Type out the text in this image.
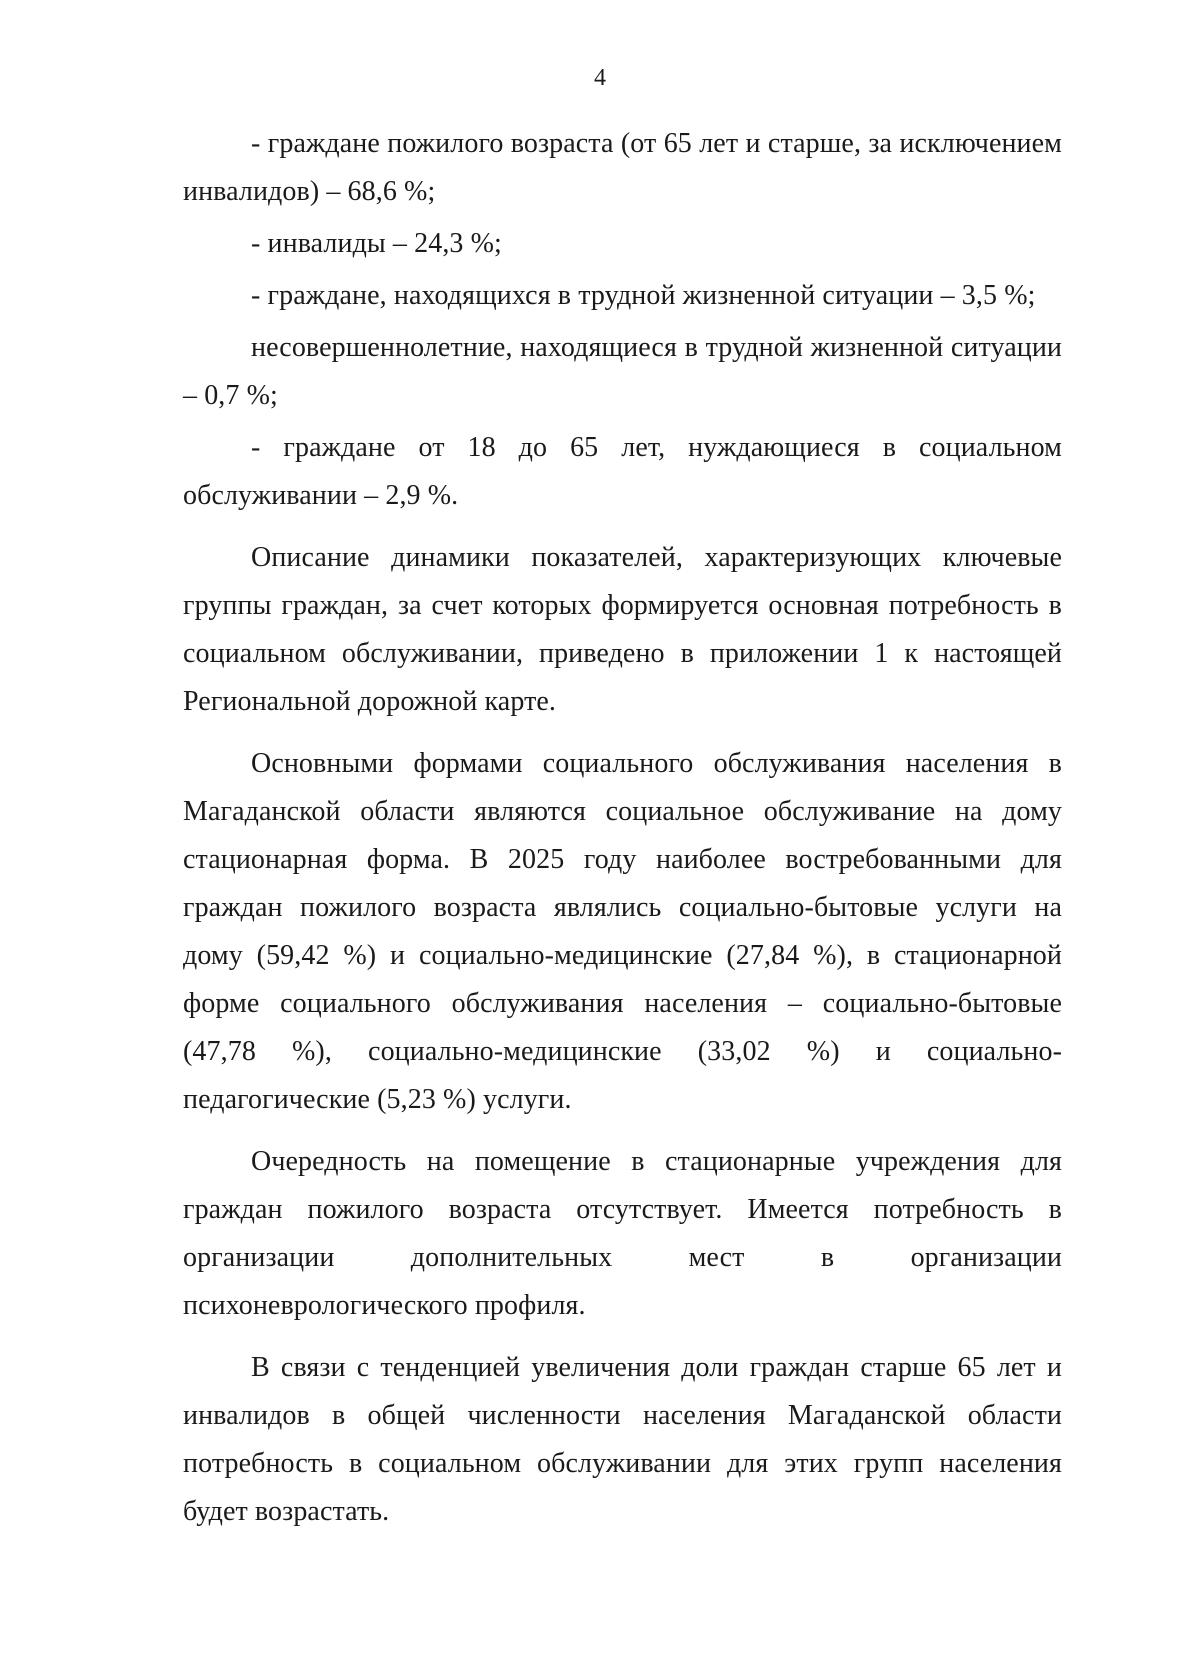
4

- граждане пожилого возраста (от 65 лет и старше, за исключением инвалидов) – 68,6 %;

- инвалиды – 24,3 %;

- граждане, находящихся в трудной жизненной ситуации – 3,5 %;

несовершеннолетние, находящиеся в трудной жизненной ситуации – 0,7 %;

- граждане от 18 до 65 лет, нуждающиеся в социальном обслуживании – 2,9 %.

Описание динамики показателей, характеризующих ключевые группы граждан, за счет которых формируется основная потребность в социальном обслуживании, приведено в приложении 1 к настоящей Региональной дорожной карте.

Основными формами социального обслуживания населения в Магаданской области являются социальное обслуживание на дому стационарная форма. В 2025 году наиболее востребованными для граждан пожилого возраста являлись социально-бытовые услуги на дому (59,42 %) и социально-медицинские (27,84 %), в стационарной форме социального обслуживания населения – социально-бытовые (47,78 %), социально-медицинские (33,02 %) и социально-педагогические (5,23 %) услуги.

Очередность на помещение в стационарные учреждения для граждан пожилого возраста отсутствует. Имеется потребность в организации дополнительных мест в организации психоневрологического профиля.

В связи с тенденцией увеличения доли граждан старше 65 лет и инвалидов в общей численности населения Магаданской области потребность в социальном обслуживании для этих групп населения будет возрастать.
